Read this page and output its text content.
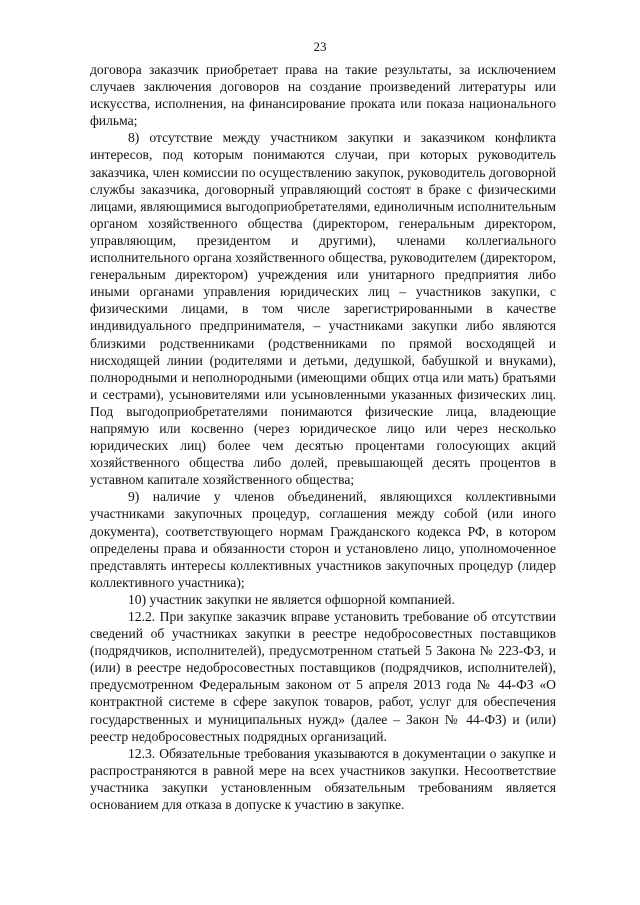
23

договора заказчик приобретает права на такие результаты, за исключением случаев заключения договоров на создание произведений литературы или искусства, исполнения, на финансирование проката или показа национального фильма;

8) отсутствие между участником закупки и заказчиком конфликта интересов, под которым понимаются случаи, при которых руководитель заказчика, член комиссии по осуществлению закупок, руководитель договорной службы заказчика, договорный управляющий состоят в браке с физическими лицами, являющимися выгодоприобретателями, единоличным исполнительным органом хозяйственного общества (директором, генеральным директором, управляющим, президентом и другими), членами коллегиального исполнительного органа хозяйственного общества, руководителем (директором, генеральным директором) учреждения или унитарного предприятия либо иными органами управления юридических лиц – участников закупки, с физическими лицами, в том числе зарегистрированными в качестве индивидуального предпринимателя, – участниками закупки либо являются близкими родственниками (родственниками по прямой восходящей и нисходящей линии (родителями и детьми, дедушкой, бабушкой и внуками), полнородными и неполнородными (имеющими общих отца или мать) братьями и сестрами), усыновителями или усыновленными указанных физических лиц. Под выгодоприобретателями понимаются физические лица, владеющие напрямую или косвенно (через юридическое лицо или через несколько юридических лиц) более чем десятью процентами голосующих акций хозяйственного общества либо долей, превышающей десять процентов в уставном капитале хозяйственного общества;

9) наличие у членов объединений, являющихся коллективными участниками закупочных процедур, соглашения между собой (или иного документа), соответствующего нормам Гражданского кодекса РФ, в котором определены права и обязанности сторон и установлено лицо, уполномоченное представлять интересы коллективных участников закупочных процедур (лидер коллективного участника);

10) участник закупки не является офшорной компанией.

12.2. При закупке заказчик вправе установить требование об отсутствии сведений об участниках закупки в реестре недобросовестных поставщиков (подрядчиков, исполнителей), предусмотренном статьей 5 Закона № 223-ФЗ, и (или) в реестре недобросовестных поставщиков (подрядчиков, исполнителей), предусмотренном Федеральным законом от 5 апреля 2013 года № 44-ФЗ «О контрактной системе в сфере закупок товаров, работ, услуг для обеспечения государственных и муниципальных нужд» (далее – Закон № 44-ФЗ) и (или) реестр недобросовестных подрядных организаций.

12.3. Обязательные требования указываются в документации о закупке и распространяются в равной мере на всех участников закупки. Несоответствие участника закупки установленным обязательным требованиям является основанием для отказа в допуске к участию в закупке.
